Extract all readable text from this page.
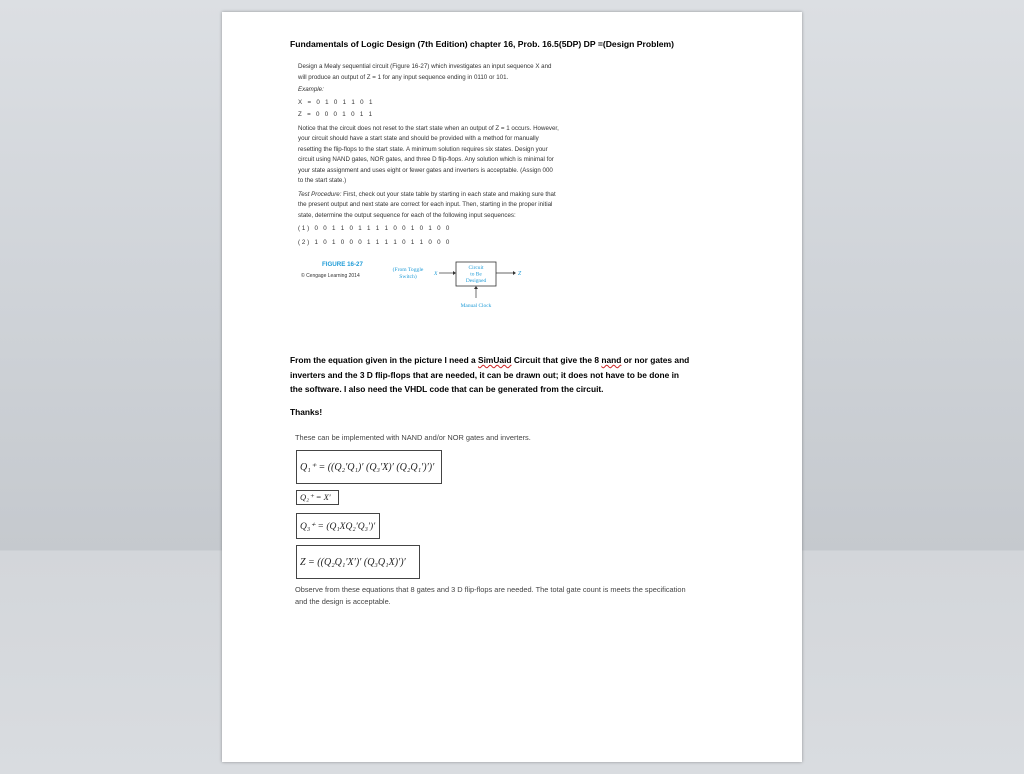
Fundamentals of Logic Design (7th Edition) chapter 16, Prob. 16.5(5DP) DP =(Design Problem)

Design a Mealy sequential circuit (Figure 16-27) which investigates an input sequence X and

will produce an output of Z = 1 for any input sequence ending in 0110 or 101.

Example:

X = 0 1 0 1 1 0 1

Z = 0 0 0 1 0 1 1

Notice that the circuit does not reset to the start state when an output of Z = 1 occurs. However,

your circuit should have a start state and should be provided with a method for manually

resetting the flip-flops to the start state. A minimum solution requires six states. Design your

circuit using NAND gates, NOR gates, and three D flip-flops. Any solution which is minimal for

your state assignment and uses eight or fewer gates and inverters is acceptable. (Assign 000

to the start state.)

Test Procedure: First, check out your state table by starting in each state and making sure that

the present output and next state are correct for each input. Then, starting in the proper initial

state, determine the output sequence for each of the following input sequences:

(1) 0 0 1 1 0 1 1 1 1 0 0 1 0 1 0 0

(2) 1 0 1 0 0 0 1 1 1 1 0 1 1 0 0 0

FIGURE 16-27
© Cengage Learning 2014
(From Toggle
Switch)	X
Circuit
to Be
Designed
Z
Manual Clock
From the equation given in the picture I need a SimUaid Circuit that give the 8 nand or nor gates and
inverters and the 3 D flip-flops that are needed, it can be drawn out; it does not have to be done in
the software. I also need the VHDL code that can be generated from the circuit.
Thanks!
These can be implemented with NAND and/or NOR gates and inverters.
Q₁⁺ = ((Q₂′Q₁)′ (Q₃′X)′ (Q₂Q₁′)′)′
Q₂⁺ = X′
Q₃⁺ = (Q₁XQ₂′Q₃′)′
Z = ((Q₂Q₁′X′)′ (Q₃Q₁X)′)′
Observe from these equations that 8 gates and 3 D flip-flops are needed. The total gate count is meets the specification and the design is acceptable.
